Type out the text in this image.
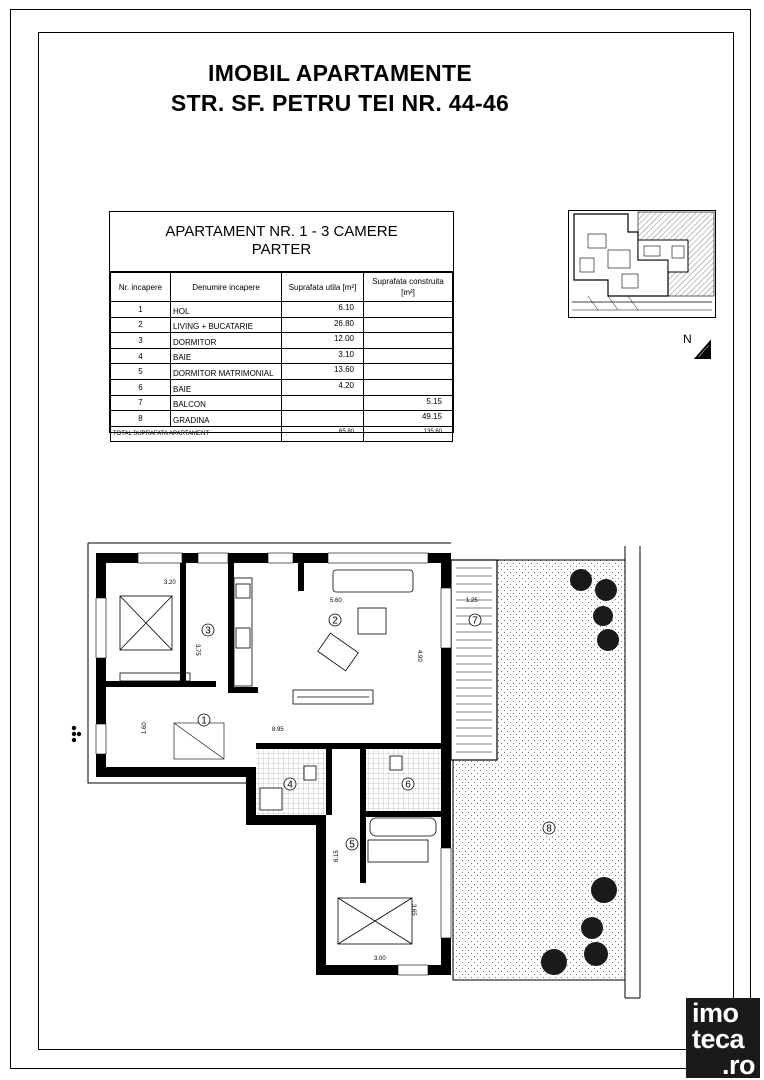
IMOBIL APARTAMENTE
STR. SF. PETRU TEI NR. 44-46
APARTAMENT NR. 1 - 3 CAMERE
PARTER
Nr. incapere	Denumire incapere	Suprafata utila [m²]	Suprafata construita [m²]
1	HOL	6.10	
2	LIVING + BUCATARIE	26.80	
3	DORMITOR	12.00	
4	BAIE	3.10	
5	DORMITOR MATRIMONIAL	13.60	
6	BAIE	4.20	
7	BALCON		5.15
8	GRADINA		49.15
TOTAL SUPRAFATA APARTAMENT		65.80	135.60
N
3.20
5.60
3.75
4.90
8.95
1.60
6.15
3.65
3.00
1.25
1
2
3
4
5
6
7
8
imo
teca
.ro
